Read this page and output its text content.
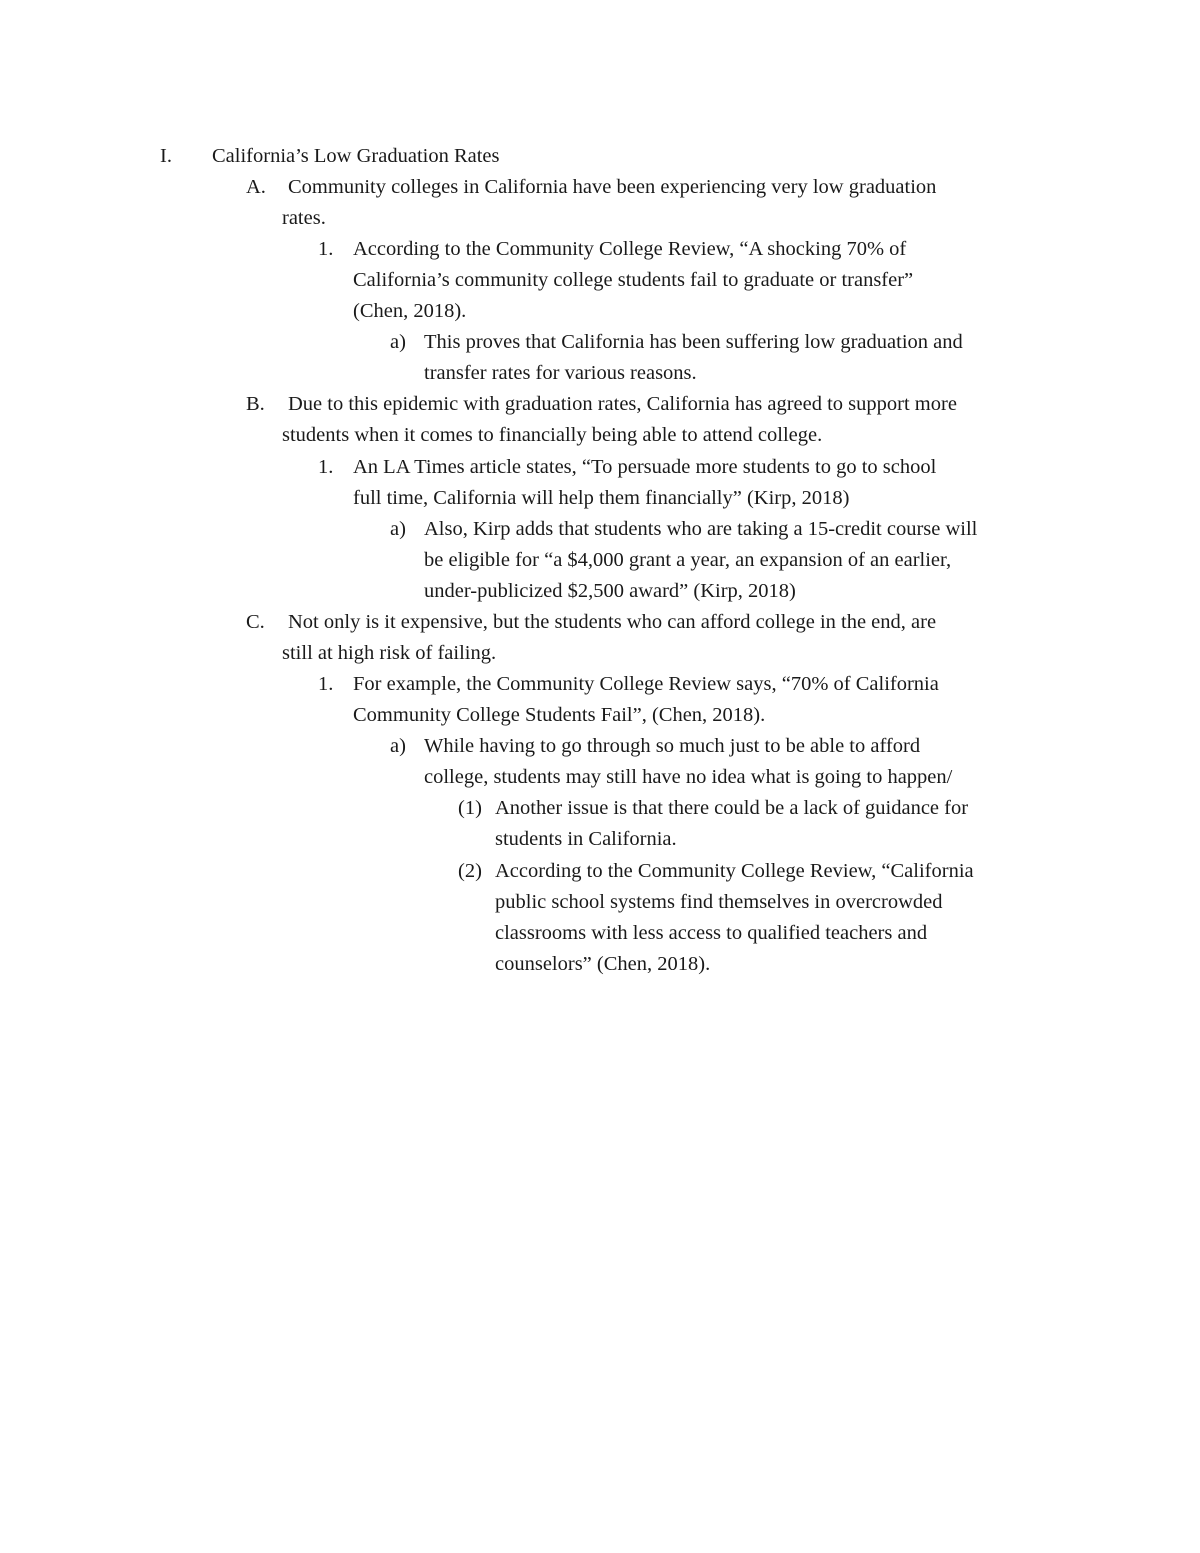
I. California’s Low Graduation Rates
A. Community colleges in California have been experiencing very low graduation
rates.
1. According to the Community College Review, “A shocking 70% of
California’s community college students fail to graduate or transfer”
(Chen, 2018).
a) This proves that California has been suffering low graduation and
transfer rates for various reasons.
B. Due to this epidemic with graduation rates, California has agreed to support more
students when it comes to financially being able to attend college.
1. An LA Times article states, “To persuade more students to go to school
full time, California will help them financially” (Kirp, 2018)
a) Also, Kirp adds that students who are taking a 15-credit course will
be eligible for “a $4,000 grant a year, an expansion of an earlier,
under-publicized $2,500 award” (Kirp, 2018)
C. Not only is it expensive, but the students who can afford college in the end, are
still at high risk of failing.
1. For example, the Community College Review says, “70% of California
Community College Students Fail”, (Chen, 2018).
a) While having to go through so much just to be able to afford
college, students may still have no idea what is going to happen/
(1) Another issue is that there could be a lack of guidance for
students in California.
(2) According to the Community College Review, “California
public school systems find themselves in overcrowded
classrooms with less access to qualified teachers and
counselors” (Chen, 2018).
